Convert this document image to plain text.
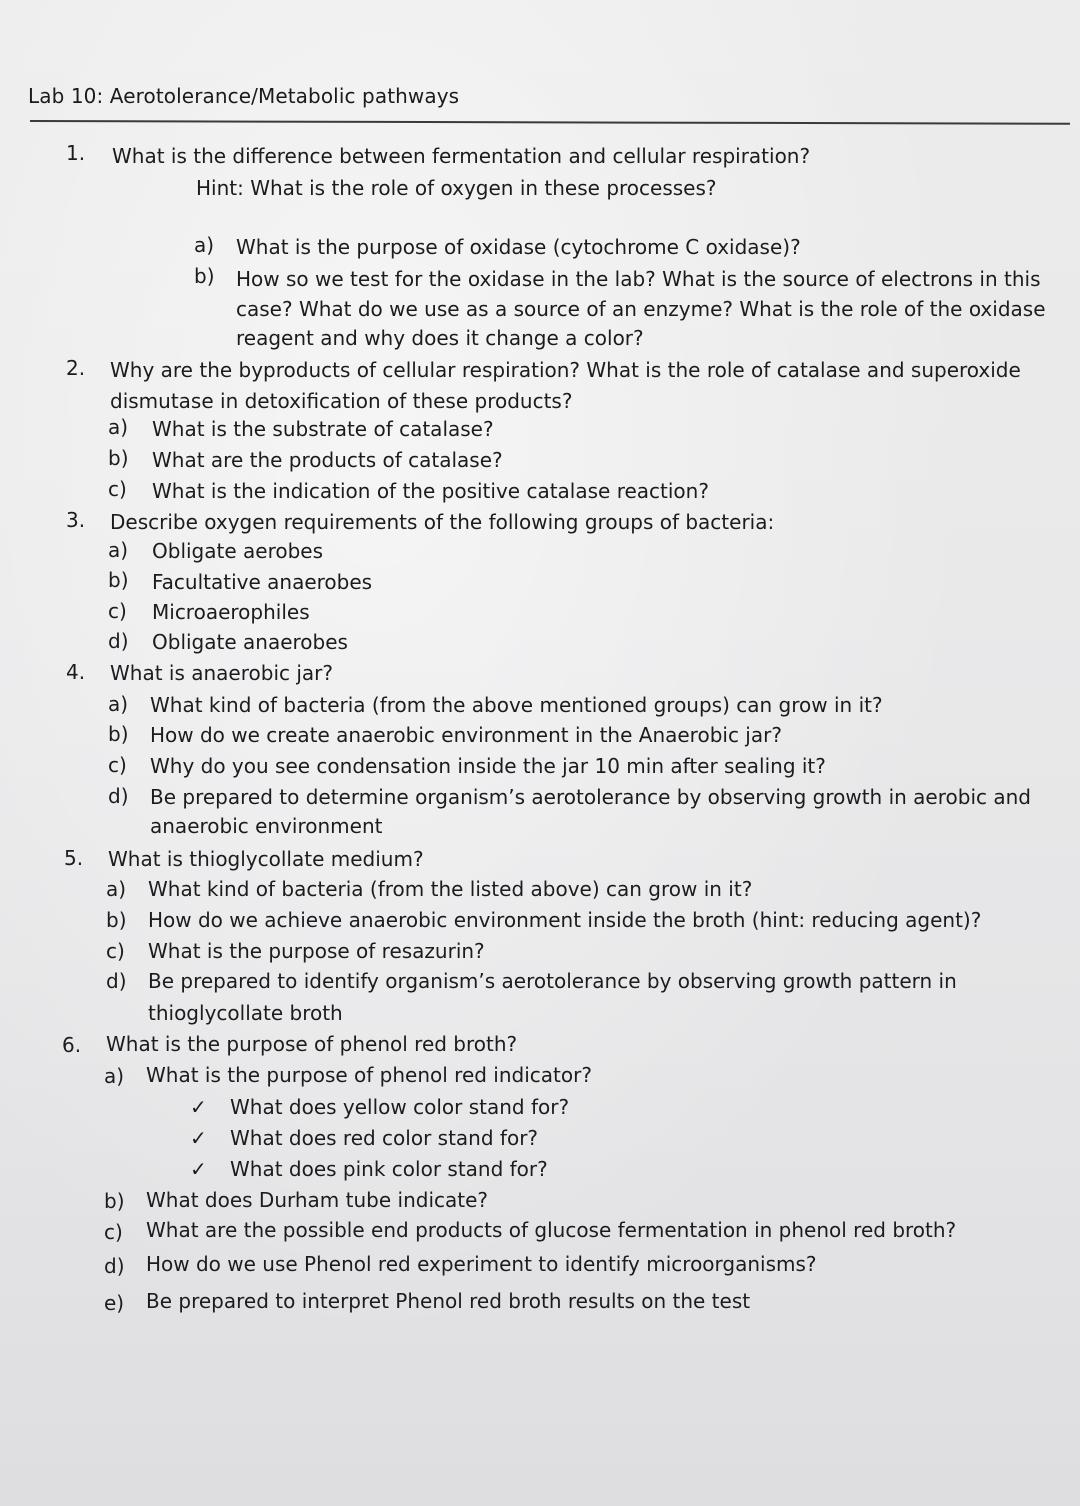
Lab 10: Aerotolerance/Metabolic pathways
1. What is the difference between fermentation and cellular respiration?
Hint: What is the role of oxygen in these processes?
a) What is the purpose of oxidase (cytochrome C oxidase)?
b) How so we test for the oxidase in the lab? What is the source of electrons in this
case? What do we use as a source of an enzyme? What is the role of the oxidase
reagent and why does it change a color?
2. Why are the byproducts of cellular respiration? What is the role of catalase and superoxide
dismutase in detoxification of these products?
a) What is the substrate of catalase?
b) What are the products of catalase?
c) What is the indication of the positive catalase reaction?
3. Describe oxygen requirements of the following groups of bacteria:
a) Obligate aerobes
b) Facultative anaerobes
c) Microaerophiles
d) Obligate anaerobes
4. What is anaerobic jar?
a) What kind of bacteria (from the above mentioned groups) can grow in it?
b) How do we create anaerobic environment in the Anaerobic jar?
c) Why do you see condensation inside the jar 10 min after sealing it?
d) Be prepared to determine organism’s aerotolerance by observing growth in aerobic and
anaerobic environment
5. What is thioglycollate medium?
a) What kind of bacteria (from the listed above) can grow in it?
b) How do we achieve anaerobic environment inside the broth (hint: reducing agent)?
c) What is the purpose of resazurin?
d) Be prepared to identify organism’s aerotolerance by observing growth pattern in
thioglycollate broth
6. What is the purpose of phenol red broth?
a) What is the purpose of phenol red indicator?
✓ What does yellow color stand for?
✓ What does red color stand for?
✓ What does pink color stand for?
b) What does Durham tube indicate?
c) What are the possible end products of glucose fermentation in phenol red broth?
d) How do we use Phenol red experiment to identify microorganisms?
e) Be prepared to interpret Phenol red broth results on the test
